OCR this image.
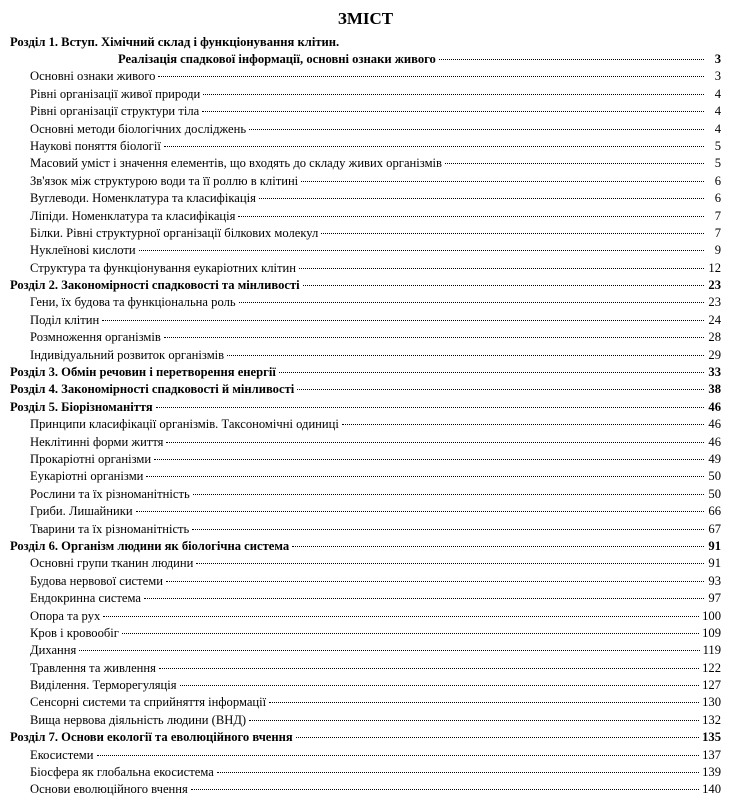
ЗМІСТ
Розділ 1. Вступ. Хімічний склад і функціонування клітин.
Реалізація спадкової інформації, основні ознаки живого	3
Основні ознаки живого	3
Рівні організації живої природи	4
Рівні організації структури тіла	4
Основні методи біологічних досліджень	4
Наукові поняття біології	5
Масовий уміст і значення елементів, що входять до складу живих організмів	5
Зв'язок між структурою води та її роллю в клітині	6
Вуглеводи. Номенклатура та класифікація	6
Ліпіди. Номенклатура та класифікація	7
Білки. Рівні структурної організації білкових молекул	7
Нуклеїнові кислоти	9
Структура та функціонування еукаріотних клітин	12
Розділ 2. Закономірності спадковості та мінливості	23
Гени, їх будова та функціональна роль	23
Поділ клітин	24
Розмноження організмів	28
Індивідуальний розвиток організмів	29
Розділ 3. Обмін речовин і перетворення енергії	33
Розділ 4. Закономірності спадковості й мінливості	38
Розділ 5. Біорізноманіття	46
Принципи класифікації організмів. Таксономічні одиниці	46
Неклітинні форми життя	46
Прокаріотні організми	49
Еукаріотні організми	50
Рослини та їх різноманітність	50
Гриби. Лишайники	66
Тварини та їх різноманітність	67
Розділ 6. Організм людини як біологічна система	91
Основні групи тканин людини	91
Будова нервової системи	93
Ендокринна система	97
Опора та рух	100
Кров і кровообіг	109
Дихання	119
Травлення та живлення	122
Виділення. Терморегуляція	127
Сенсорні системи та сприйняття інформації	130
Вища нервова діяльність людини (ВНД)	132
Розділ 7. Основи екології та еволюційного вчення	135
Екосистеми	137
Біосфера як глобальна екосистема	139
Основи еволюційного вчення	140
